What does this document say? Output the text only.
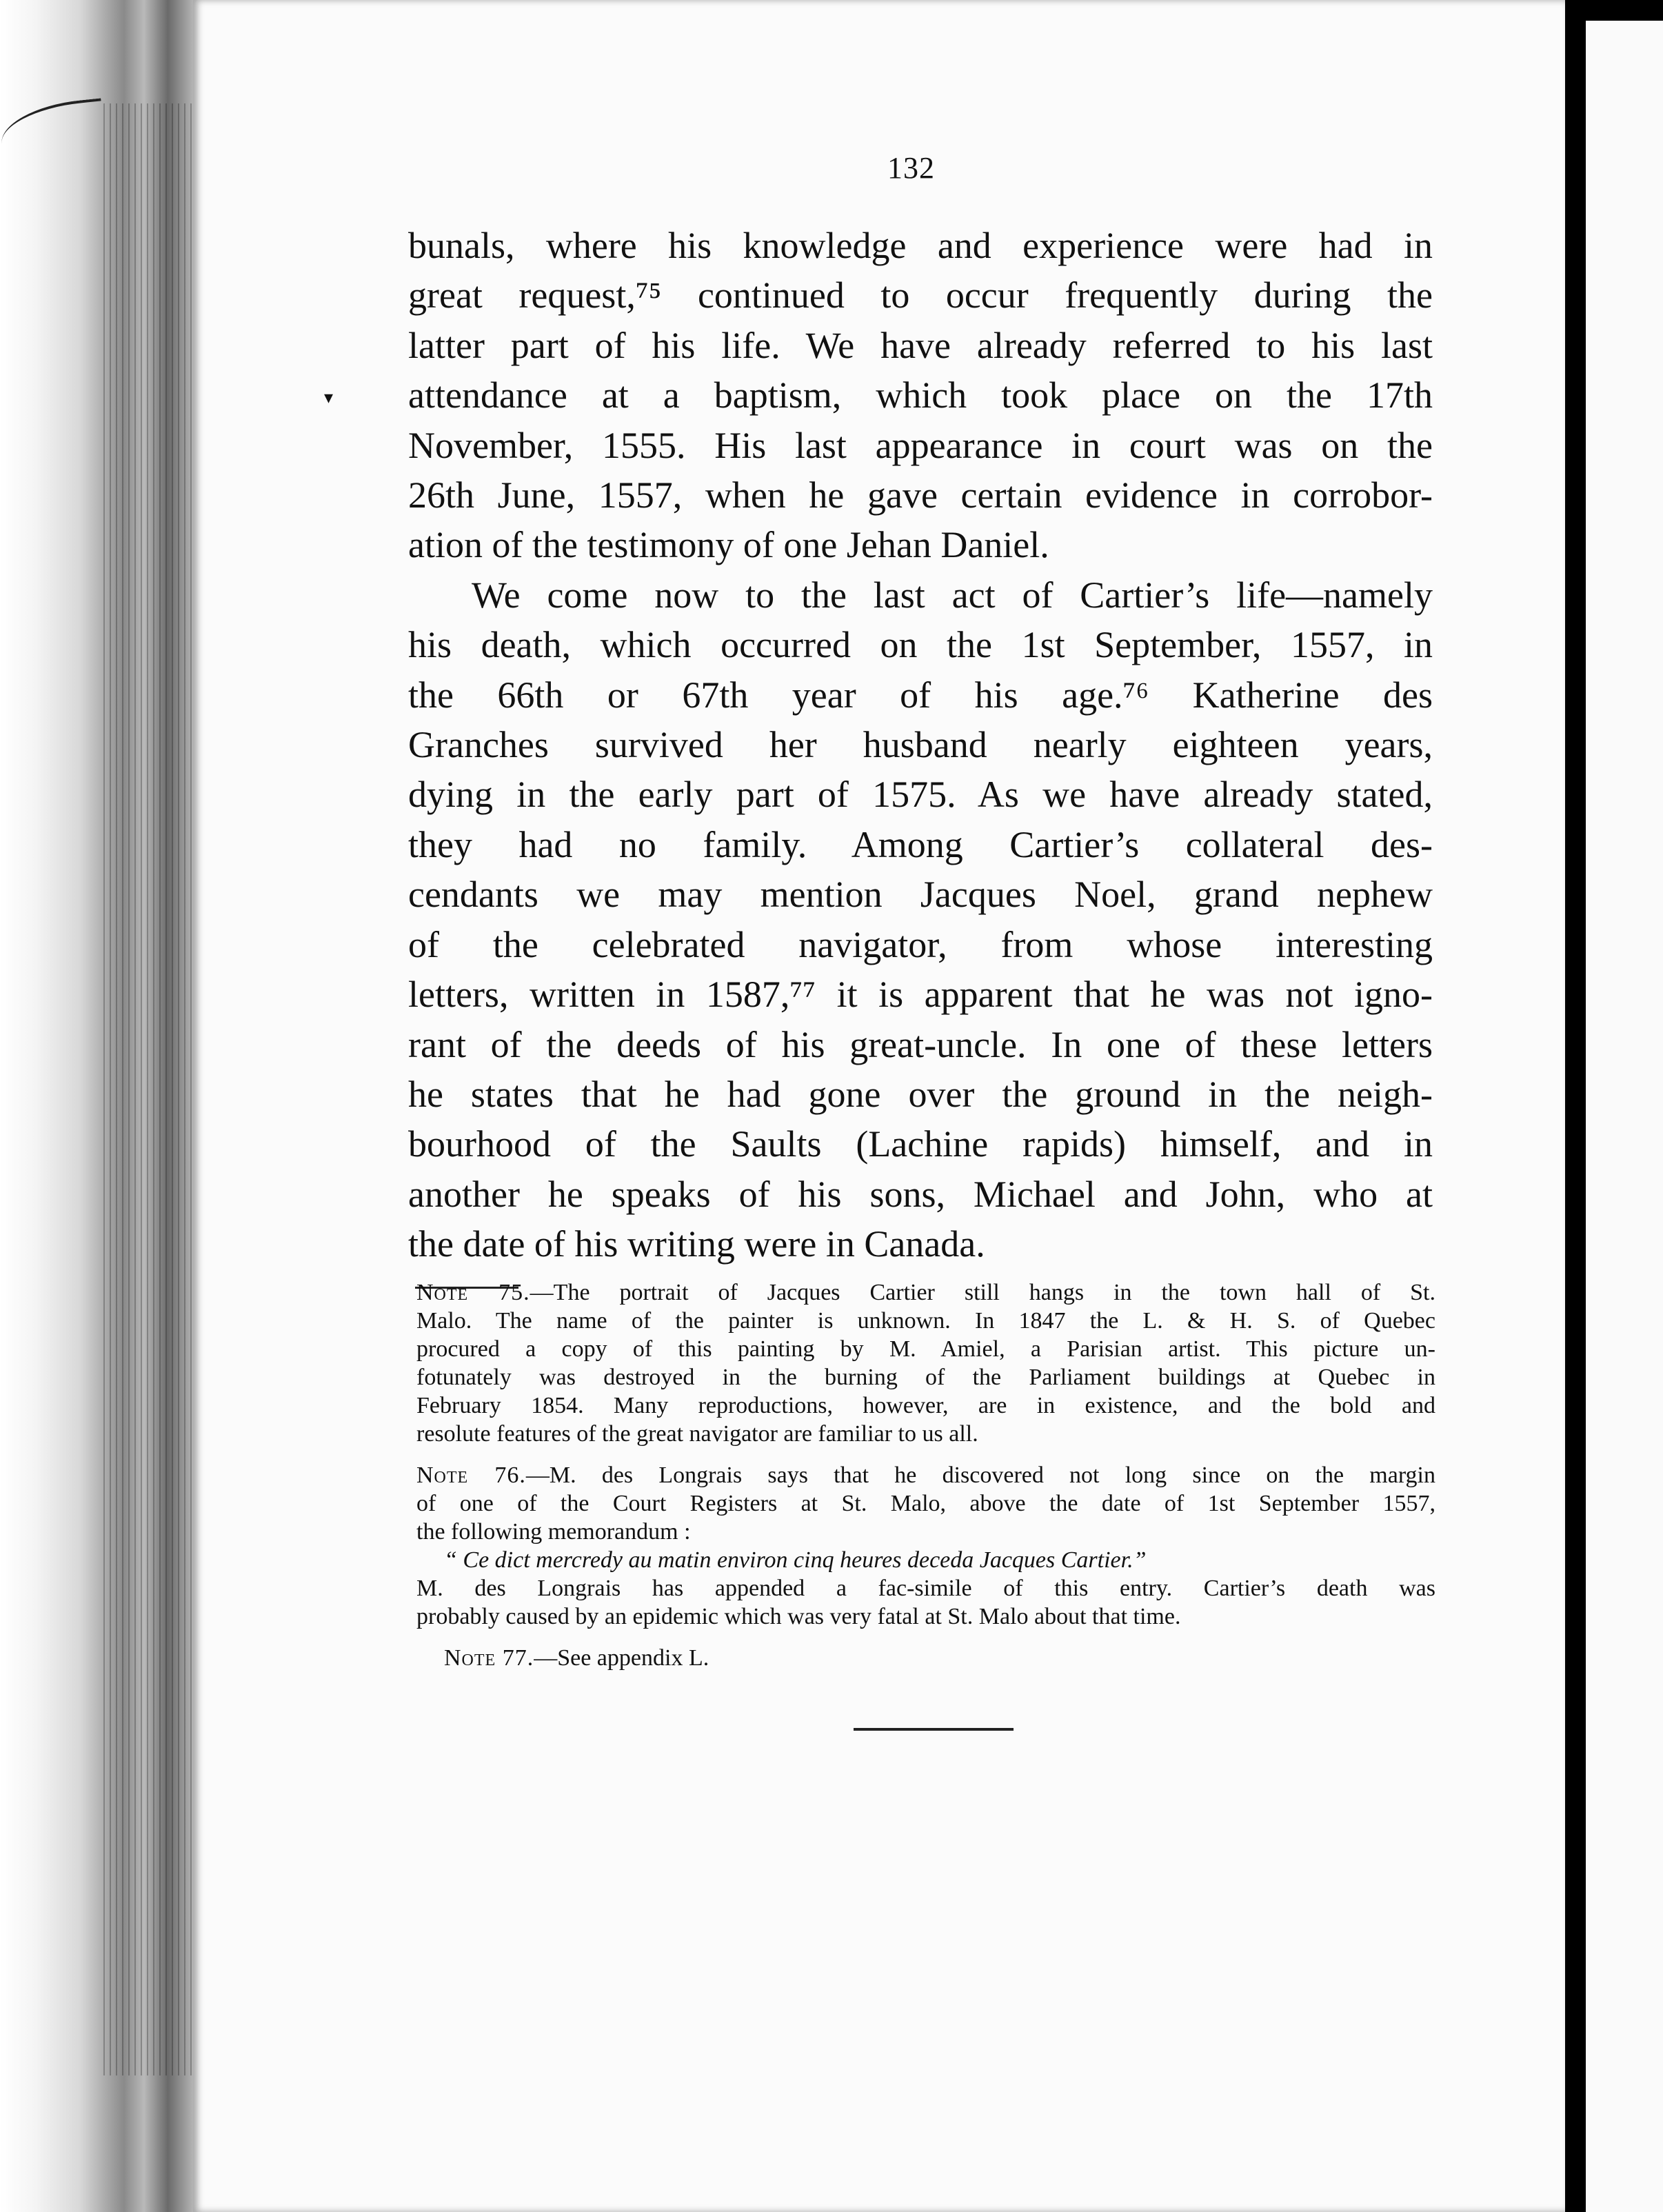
▾
132

bunals, where his knowledge and experience were had in
great request,⁷⁵ continued to occur frequently during the
latter part of his life. We have already referred to his last
attendance at a baptism, which took place on the 17th
November, 1555. His last appearance in court was on the
26th June, 1557, when he gave certain evidence in corrobor-
ation of the testimony of one Jehan Daniel.

We come now to the last act of Cartier’s life—namely
his death, which occurred on the 1st September, 1557, in
the 66th or 67th year of his age.⁷⁶ Katherine des
Granches survived her husband nearly eighteen years,
dying in the early part of 1575. As we have already stated,
they had no family. Among Cartier’s collateral des-
cendants we may mention Jacques Noel, grand nephew
of the celebrated navigator, from whose interesting
letters, written in 1587,⁷⁷ it is apparent that he was not igno-
rant of the deeds of his great-uncle. In one of these letters
he states that he had gone over the ground in the neigh-
bourhood of the Saults (Lachine rapids) himself, and in
another he speaks of his sons, Michael and John, who at
the date of his writing were in Canada.

Note 75.—The portrait of Jacques Cartier still hangs in the town hall of St.
Malo. The name of the painter is unknown. In 1847 the L. & H. S. of Quebec
procured a copy of this painting by M. Amiel, a Parisian artist. This picture un-
fotunately was destroyed in the burning of the Parliament buildings at Quebec in
February 1854. Many reproductions, however, are in existence, and the bold and
resolute features of the great navigator are familiar to us all.
Note 76.—M. des Longrais says that he discovered not long since on the margin
of one of the Court Registers at St. Malo, above the date of 1st September 1557,
the following memorandum :
“ Ce dict mercredy au matin environ cinq heures deceda Jacques Cartier.”
M. des Longrais has appended a fac-simile of this entry. Cartier’s death was
probably caused by an epidemic which was very fatal at St. Malo about that time.
Note 77.—See appendix L.
